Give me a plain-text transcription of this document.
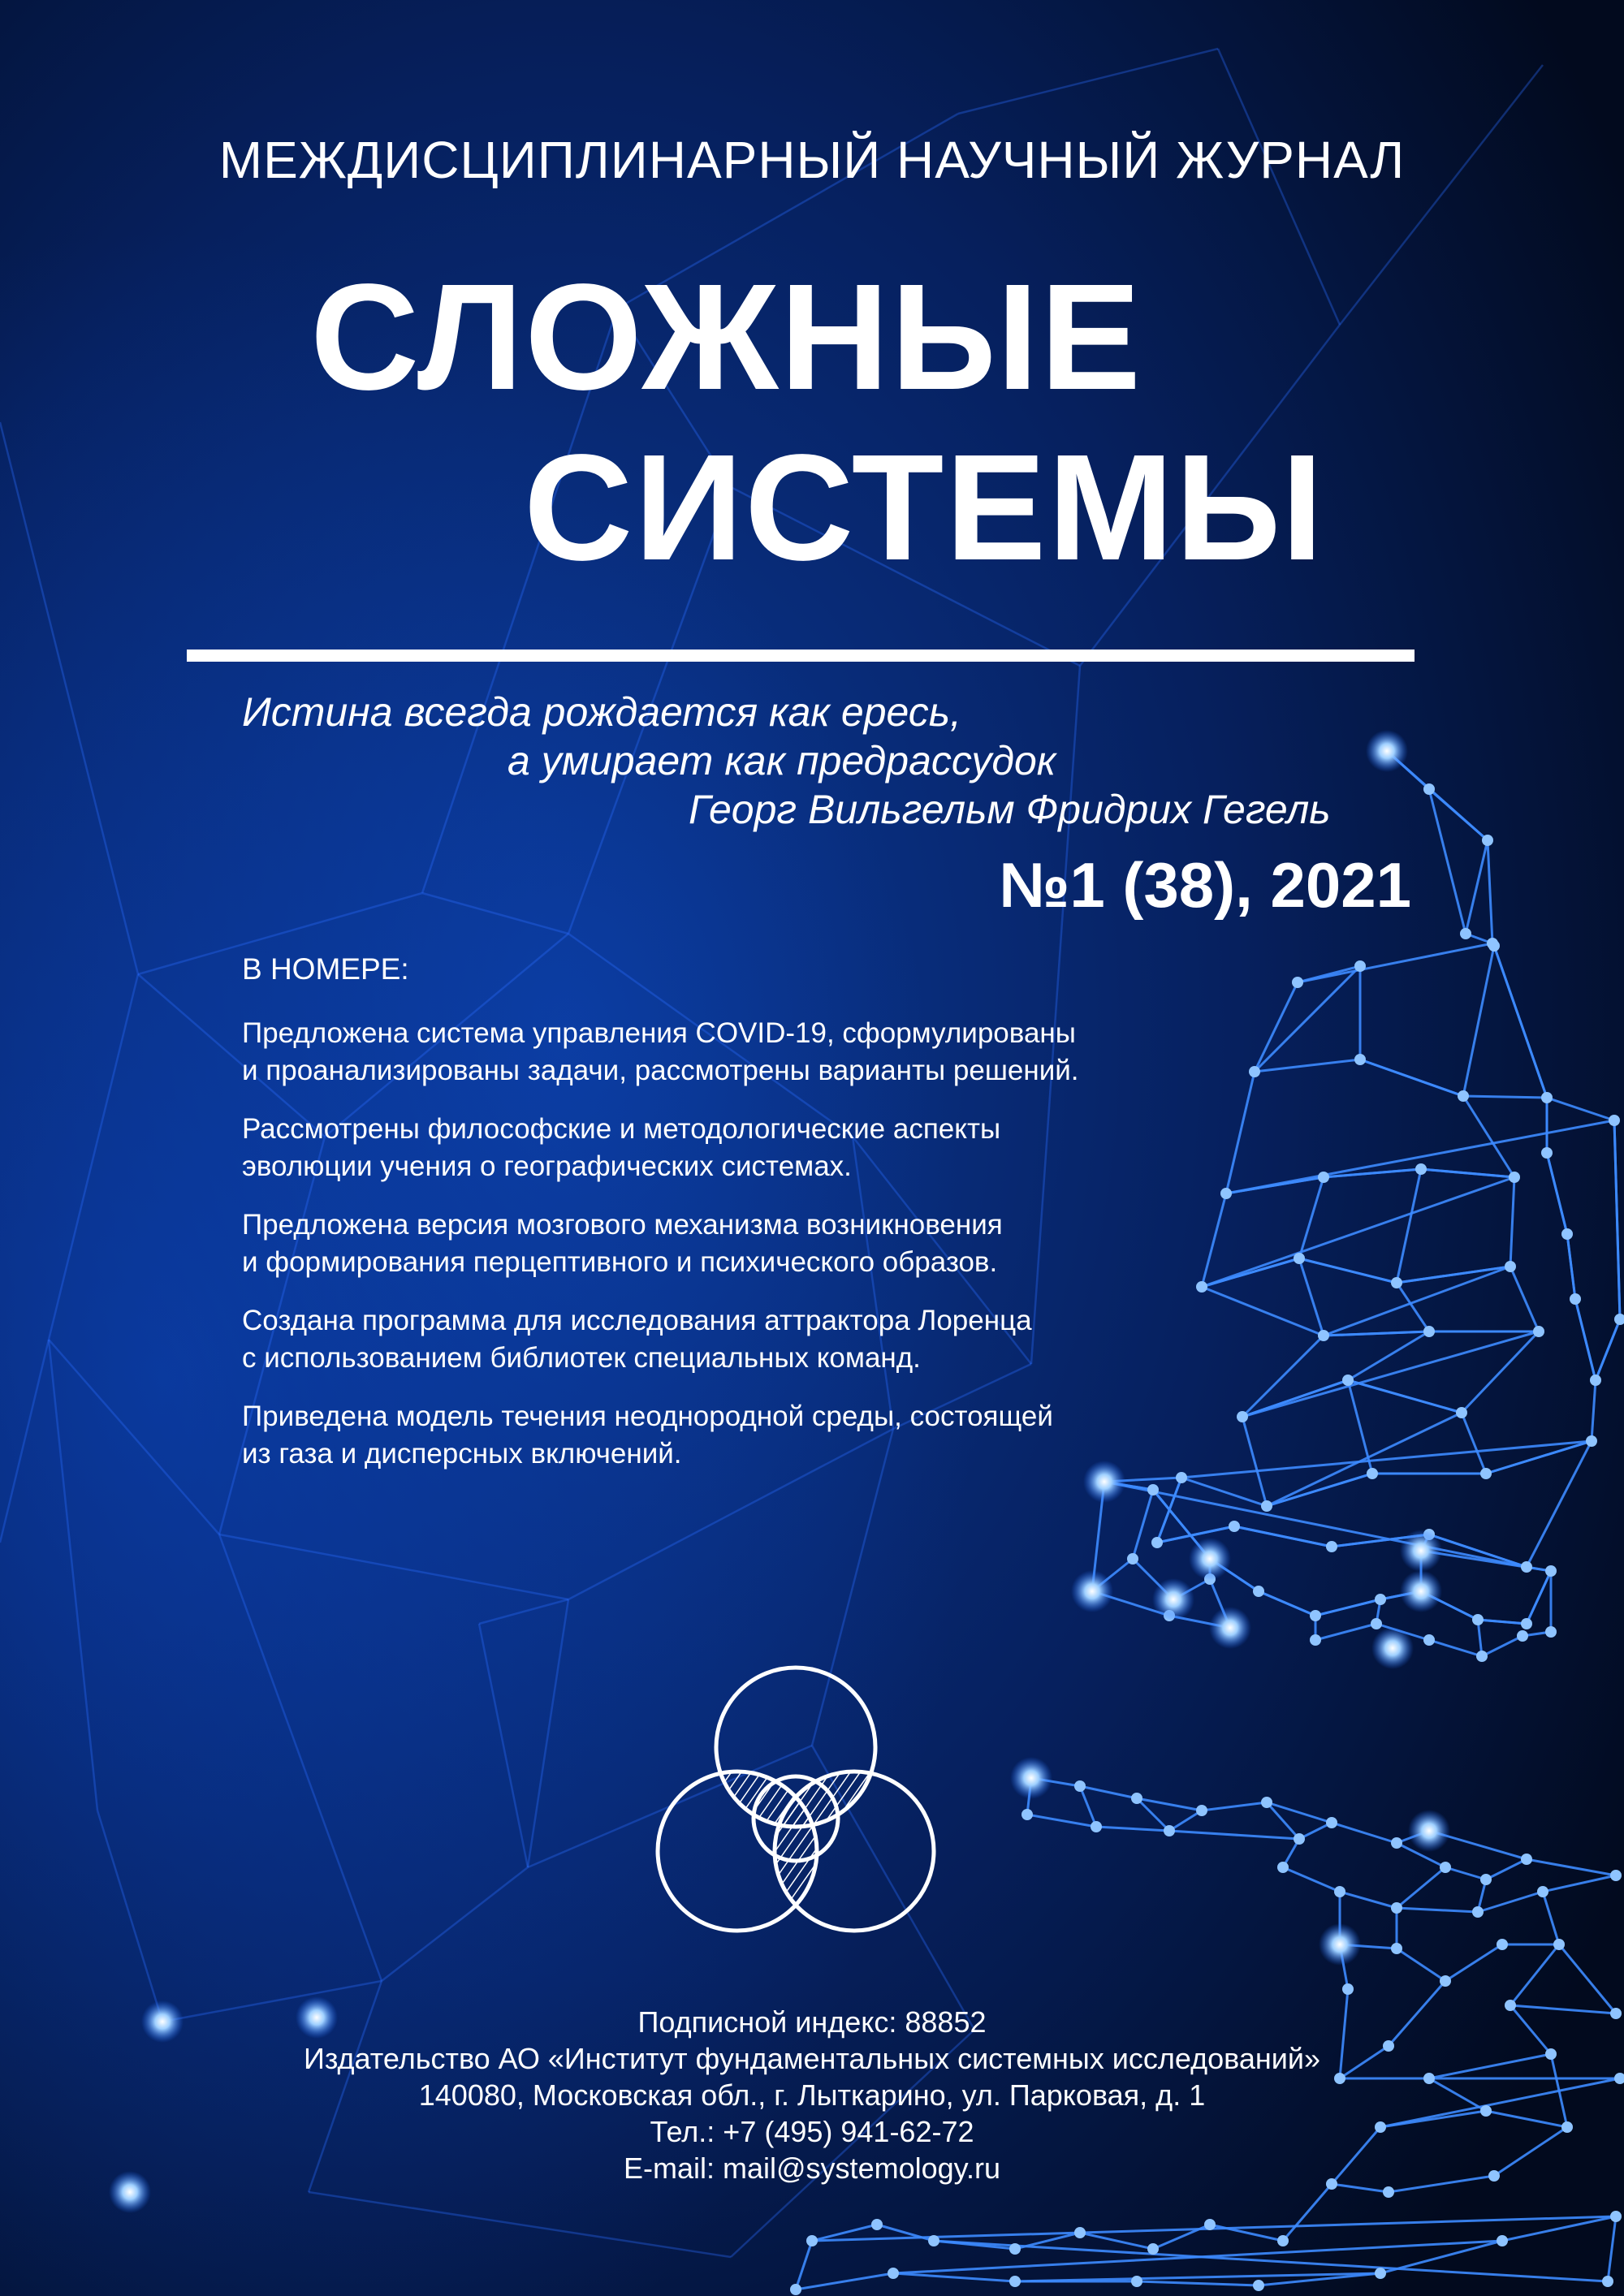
МЕЖДИСЦИПЛИНАРНЫЙ НАУЧНЫЙ ЖУРНАЛ
СЛОЖНЫЕ
СИСТЕМЫ
Истина всегда рождается как ересь,
а умирает как предрассудок
Георг Вильгельм Фридрих Гегель
№1 (38), 2021
В НОМЕРЕ:
Предложена система управления COVID-19, сформулированы
и проанализированы задачи, рассмотрены варианты решений.
Рассмотрены философские и методологические аспекты
эволюции учения о географических системах.
Предложена версия мозгового механизма возникновения
и формирования перцептивного и психического образов.
Создана программа для исследования аттрактора Лоренца
с использованием библиотек специальных команд.
Приведена модель течения неоднородной среды, состоящей
из газа и дисперсных включений.
Подписной индекс: 88852
Издательство АО «Институт фундаментальных системных исследований»
140080, Московская обл., г. Лыткарино, ул. Парковая, д. 1
Тел.: +7 (495) 941-62-72
E-mail: mail@systemology.ru
